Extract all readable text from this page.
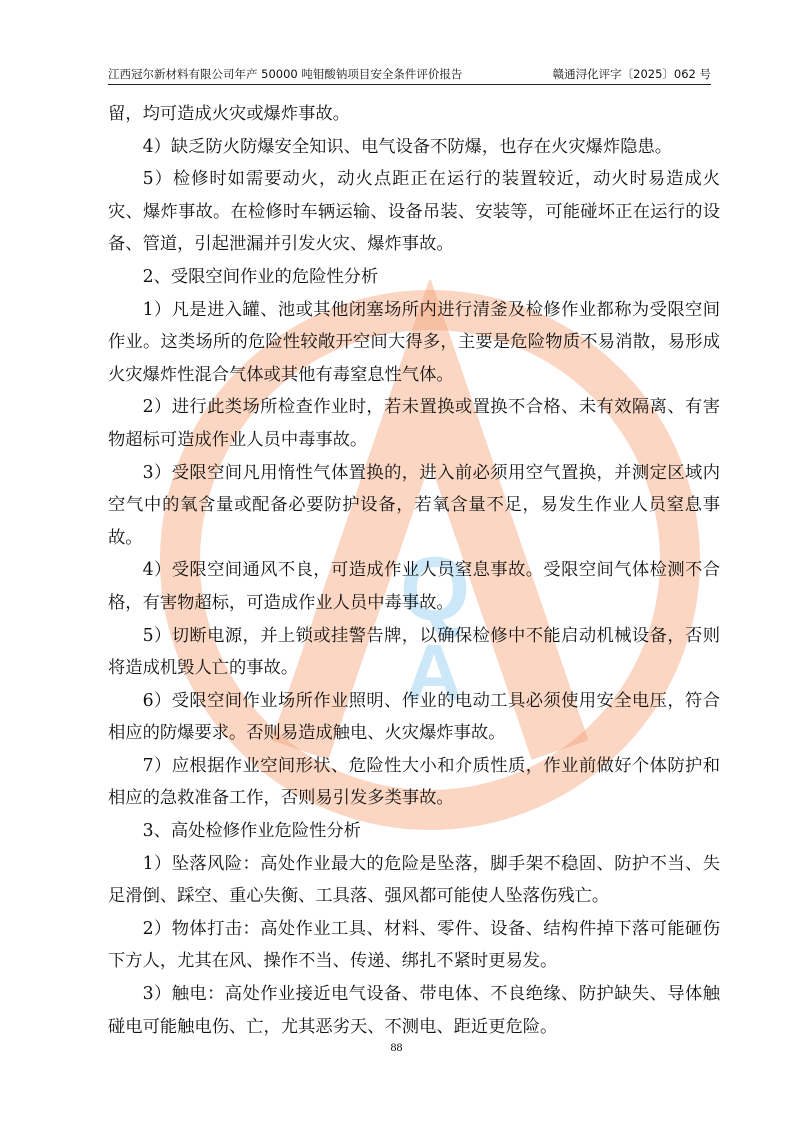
江西冠尔新材料有限公司年产 50000 吨钼酸钠项目安全条件评价报告	赣通浔化评字〔2025〕062 号
Q
A

留，均可造成火灾或爆炸事故。

4）缺乏防火防爆安全知识、电气设备不防爆，也存在火灾爆炸隐患。

5）检修时如需要动火，动火点距正在运行的装置较近，动火时易造成火灾、爆炸事故。在检修时车辆运输、设备吊装、安装等，可能碰坏正在运行的设备、管道，引起泄漏并引发火灾、爆炸事故。

2、受限空间作业的危险性分析

1）凡是进入罐、池或其他闭塞场所内进行清釜及检修作业都称为受限空间作业。这类场所的危险性较敞开空间大得多，主要是危险物质不易消散，易形成火灾爆炸性混合气体或其他有毒窒息性气体。

2）进行此类场所检查作业时，若未置换或置换不合格、未有效隔离、有害物超标可造成作业人员中毒事故。

3）受限空间凡用惰性气体置换的，进入前必须用空气置换，并测定区域内空气中的氧含量或配备必要防护设备，若氧含量不足，易发生作业人员窒息事故。

4）受限空间通风不良，可造成作业人员窒息事故。受限空间气体检测不合格，有害物超标，可造成作业人员中毒事故。

5）切断电源，并上锁或挂警告牌，以确保检修中不能启动机械设备，否则将造成机毁人亡的事故。

6）受限空间作业场所作业照明、作业的电动工具必须使用安全电压，符合相应的防爆要求。否则易造成触电、火灾爆炸事故。

7）应根据作业空间形状、危险性大小和介质性质，作业前做好个体防护和相应的急救准备工作，否则易引发多类事故。

3、高处检修作业危险性分析

1）坠落风险：高处作业最大的危险是坠落，脚手架不稳固、防护不当、失足滑倒、踩空、重心失衡、工具落、强风都可能使人坠落伤残亡。

2）物体打击：高处作业工具、材料、零件、设备、结构件掉下落可能砸伤下方人，尤其在风、操作不当、传递、绑扎不紧时更易发。

3）触电：高处作业接近电气设备、带电体、不良绝缘、防护缺失、导体触碰电可能触电伤、亡，尤其恶劣天、不测电、距近更危险。

88
